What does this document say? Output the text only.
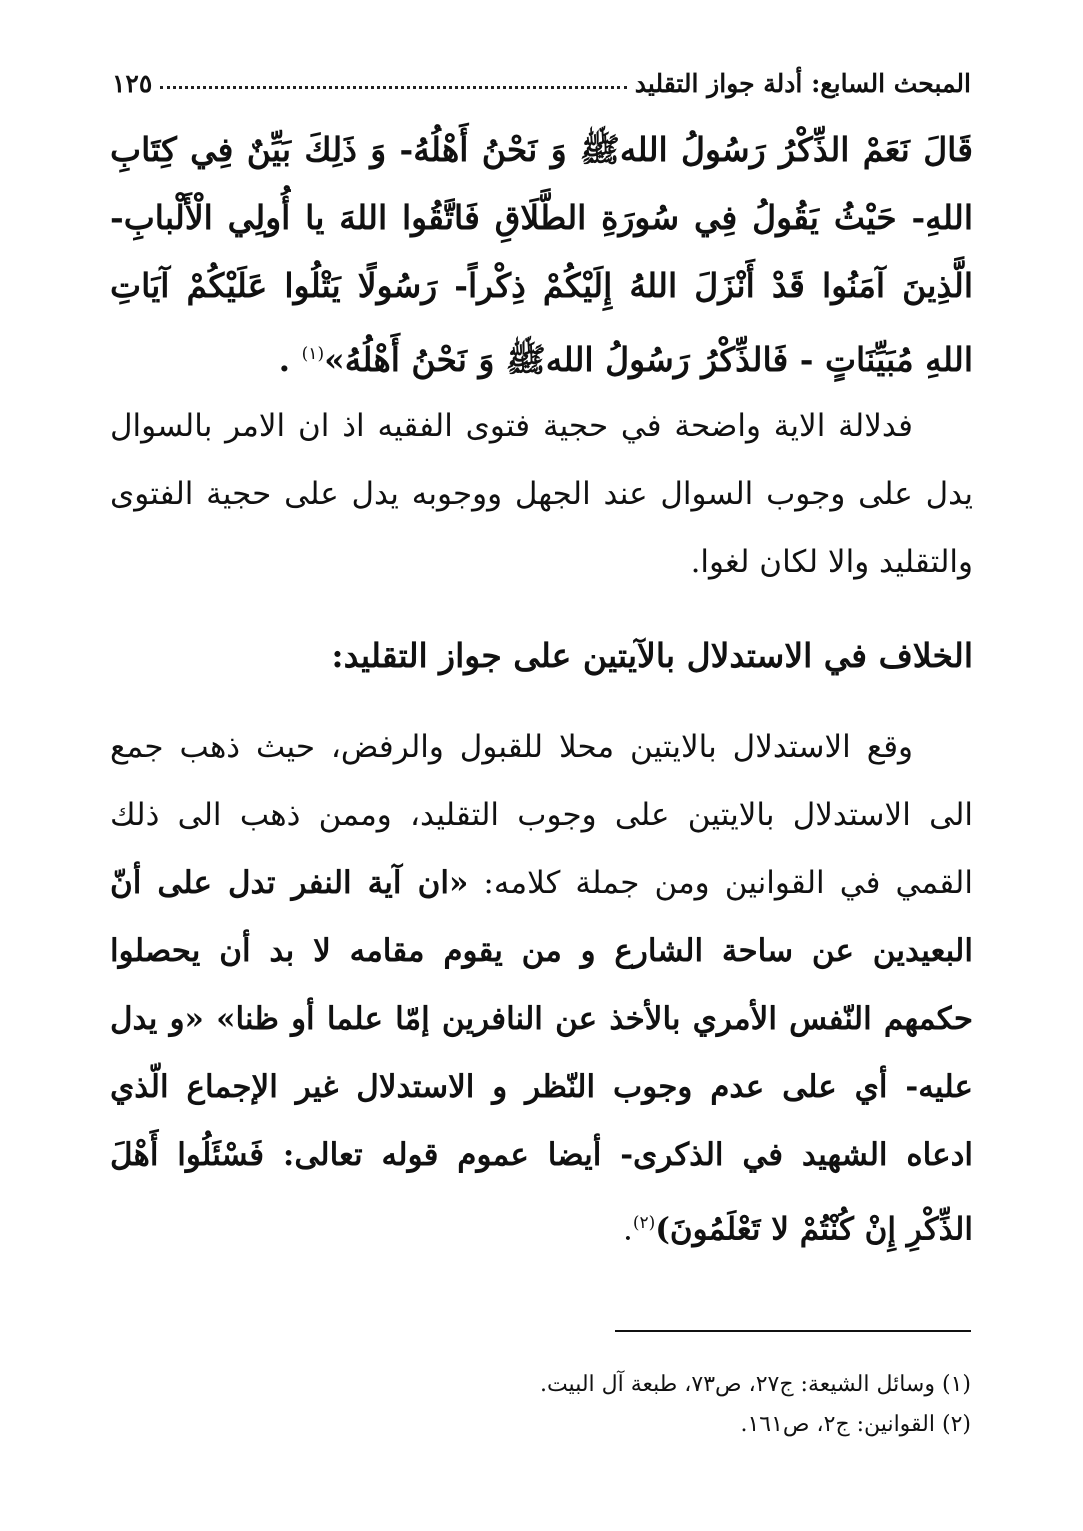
المبحث السابع: أدلة جواز التقليد
١٢٥

قَالَ نَعَمْ الذِّكْرُ رَسُولُ اللهﷺ وَ نَحْنُ أَهْلُهُ- وَ ذَلِكَ بَيِّنٌ فِي كِتَابِ اللهِ- حَيْثُ يَقُولُ فِي سُورَةِ الطَّلَاقِ فَاتَّقُوا اللهَ يا أُولِي الْأَلْبابِ- الَّذِينَ آمَنُوا قَدْ أَنْزَلَ اللهُ إِلَيْكُمْ ذِكْراً- رَسُولًا يَتْلُوا عَلَيْكُمْ آيَاتِ اللهِ مُبَيِّنَاتٍ - فَالذِّكْرُ رَسُولُ اللهﷺ وَ نَحْنُ أَهْلُهُ»$^{(١)}$ .

فدلالة الاية واضحة في حجية فتوى الفقيه اذ ان الامر بالسوال يدل على وجوب السوال عند الجهل ووجوبه يدل على حجية الفتوى والتقليد والا لكان لغوا.

الخلاف في الاستدلال بالآيتين على جواز التقليد:

وقع الاستدلال بالايتين محلا للقبول والرفض، حيث ذهب جمع الى الاستدلال بالايتين على وجوب التقليد، وممن ذهب الى ذلك القمي في القوانين ومن جملة كلامه: «ان آية النفر تدل على أنّ البعيدين عن ساحة الشارع و من يقوم مقامه لا بد أن يحصلوا حكمهم النّفس الأمري بالأخذ عن النافرين إمّا علما أو ظنا» «و يدل عليه- أي على عدم وجوب النّظر و الاستدلال غير الإجماع الّذي ادعاه الشهيد في الذكرى- أيضا عموم قوله تعالى: فَسْئَلُوا أَهْلَ الذِّكْرِ إِنْ كُنْتُمْ لا تَعْلَمُونَ)$^{(٢)}$.

(١) وسائل الشيعة: ج٢٧، ص٧٣، طبعة آل البيت.
(٢) القوانين: ج٢، ص١٦١.
